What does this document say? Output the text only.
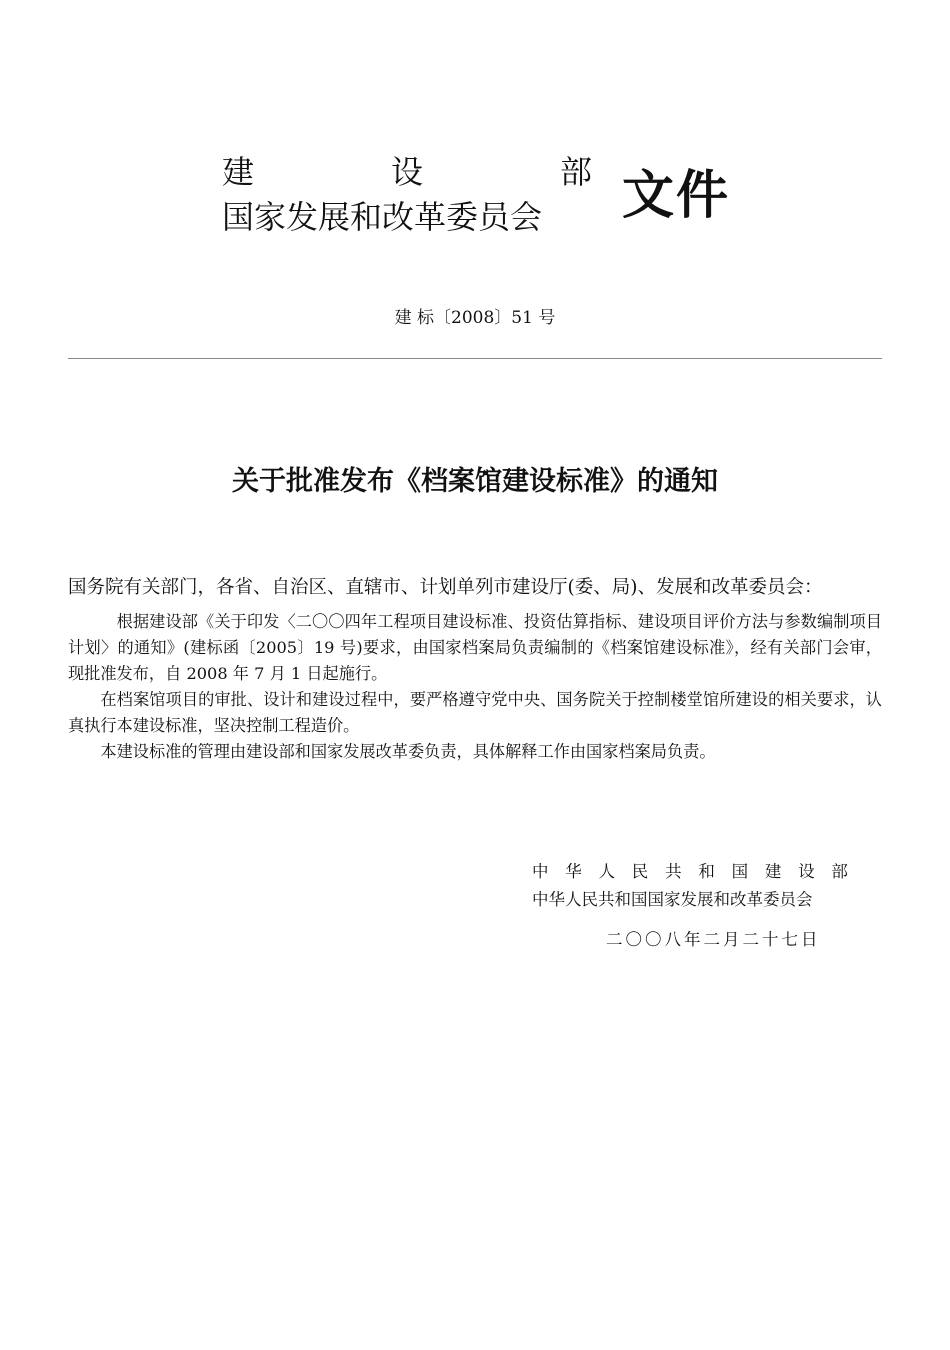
建	设	部
国家发展和改革委员会	文件
建 标〔2008〕51 号
关于批准发布《档案馆建设标准》的通知
国务院有关部门，各省、自治区、直辖市、计划单列市建设厅(委、局)、发展和改革委员会：

根据建设部《关于印发〈二〇〇四年工程项目建设标准、投资估算指标、建设项目评价方法与参数编制项目计划〉的通知》(建标函〔2005〕19 号)要求，由国家档案局负责编制的《档案馆建设标准》，经有关部门会审，现批准发布，自 2008 年 7 月 1 日起施行。

在档案馆项目的审批、设计和建设过程中，要严格遵守党中央、国务院关于控制楼堂馆所建设的相关要求，认真执行本建设标准，坚决控制工程造价。

本建设标准的管理由建设部和国家发展改革委负责，具体解释工作由国家档案局负责。

中 华 人 民 共 和 国 建 设 部
中华人民共和国国家发展和改革委员会
二〇〇八年二月二十七日
